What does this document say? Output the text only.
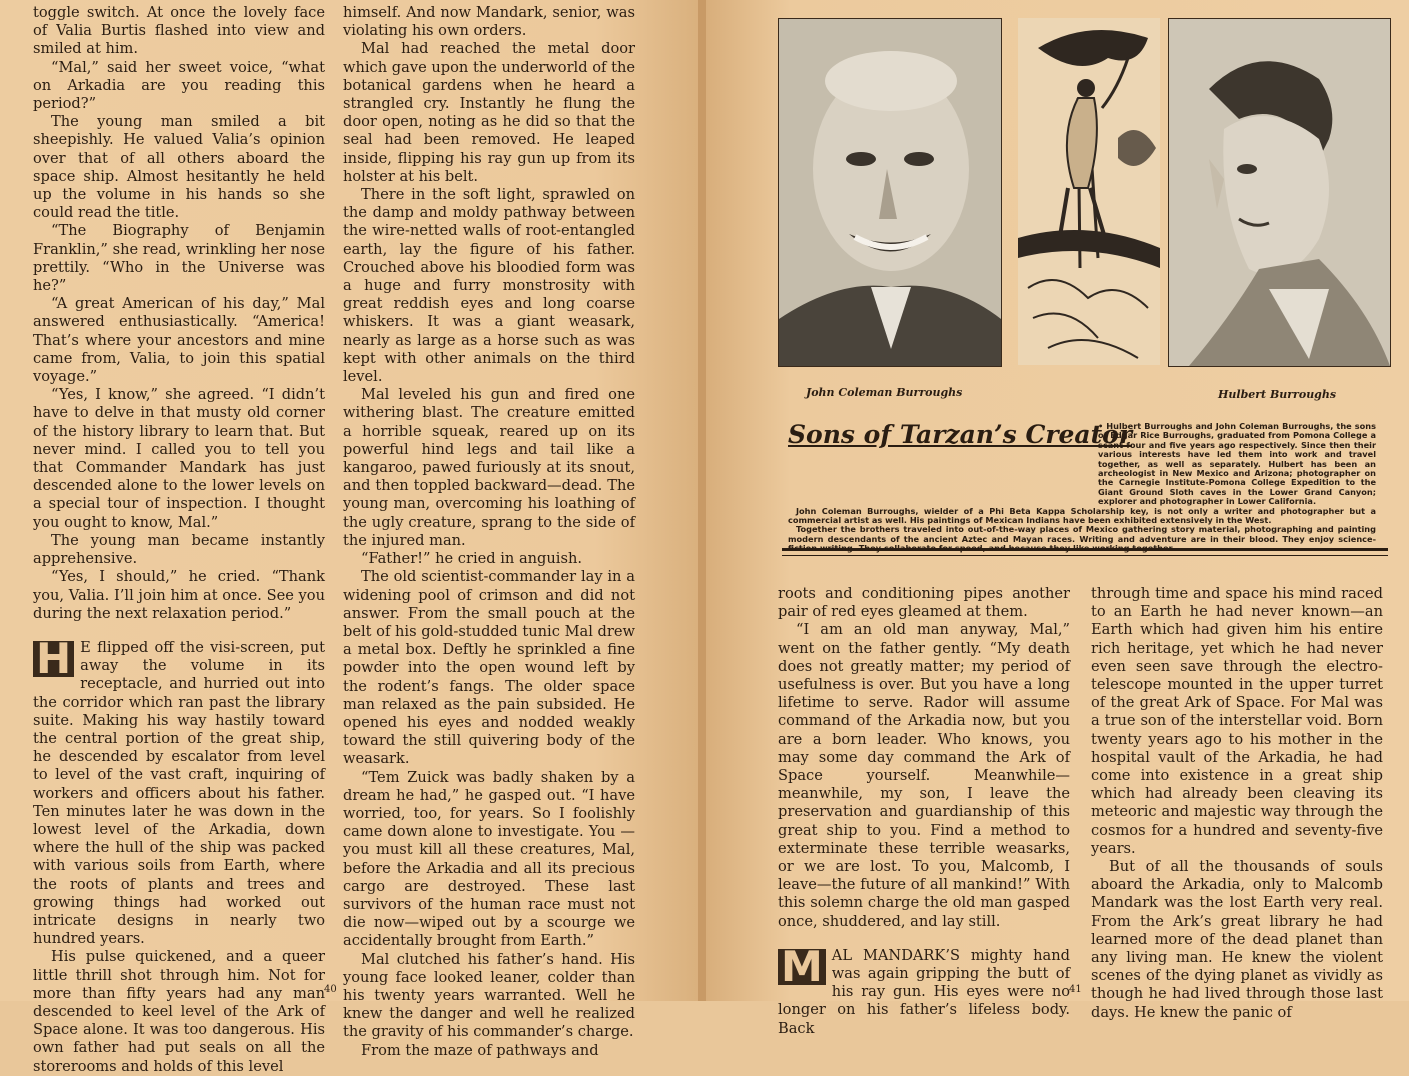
toggle switch. At once the lovely face of Valia Burtis flashed into view and smiled at him.

“Mal,” said her sweet voice, “what on Arkadia are you reading this period?”

The young man smiled a bit sheepishly. He valued Valia’s opinion over that of all others aboard the space ship. Almost hesitantly he held up the volume in his hands so she could read the title.

“The Biography of Benjamin Franklin,” she read, wrinkling her nose prettily. “Who in the Universe was he?”

“A great American of his day,” Mal answered enthusiastically. “America! That’s where your ancestors and mine came from, Valia, to join this spatial voyage.”

“Yes, I know,” she agreed. “I didn’t have to delve in that musty old corner of the history library to learn that. But never mind. I called you to tell you that Commander Mandark has just descended alone to the lower levels on a special tour of inspection. I thought you ought to know, Mal.”

The young man became instantly apprehensive.

“Yes, I should,” he cried. “Thank you, Valia. I’ll join him at once. See you during the next relaxation period.”

H E flipped off the visi-screen, put away the volume in its receptacle, and hurried out into the corridor which ran past the library suite. Making his way hastily toward the central portion of the great ship, he descended by escalator from level to level of the vast craft, inquiring of workers and officers about his father. Ten minutes later he was down in the lowest level of the Arkadia, down where the hull of the ship was packed with various soils from Earth, where the roots of plants and trees and growing things had worked out intricate designs in nearly two hundred years.

His pulse quickened, and a queer little thrill shot through him. Not for more than fifty years had any man descended to keel level of the Ark of Space alone. It was too dangerous. His own father had put seals on all the storerooms and holds of this level

himself. And now Mandark, senior, was violating his own orders.

Mal had reached the metal door which gave upon the underworld of the botanical gardens when he heard a strangled cry. Instantly he flung the door open, noting as he did so that the seal had been removed. He leaped inside, flipping his ray gun up from its holster at his belt.

There in the soft light, sprawled on the damp and moldy pathway between the wire-netted walls of root-entangled earth, lay the figure of his father. Crouched above his bloodied form was a huge and furry monstrosity with great reddish eyes and long coarse whiskers. It was a giant weasark, nearly as large as a horse such as was kept with other animals on the third level.

Mal leveled his gun and fired one withering blast. The creature emitted a horrible squeak, reared up on its powerful hind legs and tail like a kangaroo, pawed furiously at its snout, and then toppled backward—dead. The young man, overcoming his loathing of the ugly creature, sprang to the side of the injured man.

“Father!” he cried in anguish.

The old scientist-commander lay in a widening pool of crimson and did not answer. From the small pouch at the belt of his gold-studded tunic Mal drew a metal box. Deftly he sprinkled a fine powder into the open wound left by the rodent’s fangs. The older space man relaxed as the pain subsided. He opened his eyes and nodded weakly toward the still quivering body of the weasark.

“Tem Zuick was badly shaken by a dream he had,” he gasped out. “I have worried, too, for years. So I foolishly came down alone to investigate. You —you must kill all these creatures, Mal, before the Arkadia and all its precious cargo are destroyed. These last survivors of the human race must not die now—wiped out by a scourge we accidentally brought from Earth.”

Mal clutched his father’s hand. His young face looked leaner, colder than his twenty years warranted. Well he knew the danger and well he realized the gravity of his commander’s charge.

From the maze of pathways and

40
John Coleman Burroughs	Hulbert Burroughs
Sons of Tarzan’s Creator

• Hulbert Burroughs and John Coleman Burroughs, the sons of Edgar Rice Burroughs, graduated from Pomona College a scant four and five years ago respectively. Since then their various interests have led them into work and travel together, as well as separately. Hulbert has been an archeologist in New Mexico and Arizona; photographer on the Carnegie Institute-Pomona College Expedition to the Giant Ground Sloth caves in the Lower Grand Canyon; explorer and photographer in Lower California.

John Coleman Burroughs, wielder of a Phi Beta Kappa Scholarship key, is not only a writer and photographer but a commercial artist as well. His paintings of Mexican Indians have been exhibited extensively in the West.

Together the brothers traveled into out-of-the-way places of Mexico gathering story material, photographing and painting modern descendants of the ancient Aztec and Mayan races. Writing and adventure are in their blood. They enjoy science-

roots and conditioning pipes another pair of red eyes gleamed at them.

“I am an old man anyway, Mal,” went on the father gently. “My death does not greatly matter; my period of usefulness is over. But you have a long lifetime to serve. Rador will assume command of the Arkadia now, but you are a born leader. Who knows, you may some day command the Ark of Space yourself. Meanwhile—meanwhile, my son, I leave the preservation and guardianship of this great ship to you. Find a method to exterminate these terrible weasarks, or we are lost. To you, Malcomb, I leave—the future of all mankind!” With this solemn charge the old man gasped once, shuddered, and lay still.

M AL MANDARK’S mighty hand was again gripping the butt of his ray gun. His eyes were no longer on his father’s lifeless body. Back

through time and space his mind raced to an Earth he had never known—an Earth which had given him his entire rich heritage, yet which he had never even seen save through the electro-telescope mounted in the upper turret of the great Ark of Space. For Mal was a true son of the interstellar void. Born twenty years ago to his mother in the hospital vault of the Arkadia, he had come into existence in a great ship which had already been cleaving its meteoric and majestic way through the cosmos for a hundred and seventy-five years.

But of all the thousands of souls aboard the Arkadia, only to Malcomb Mandark was the lost Earth very real. From the Ark’s great library he had learned more of the dead planet than any living man. He knew the violent scenes of the dying planet as vividly as though he had lived through those last days. He knew the panic of

41
